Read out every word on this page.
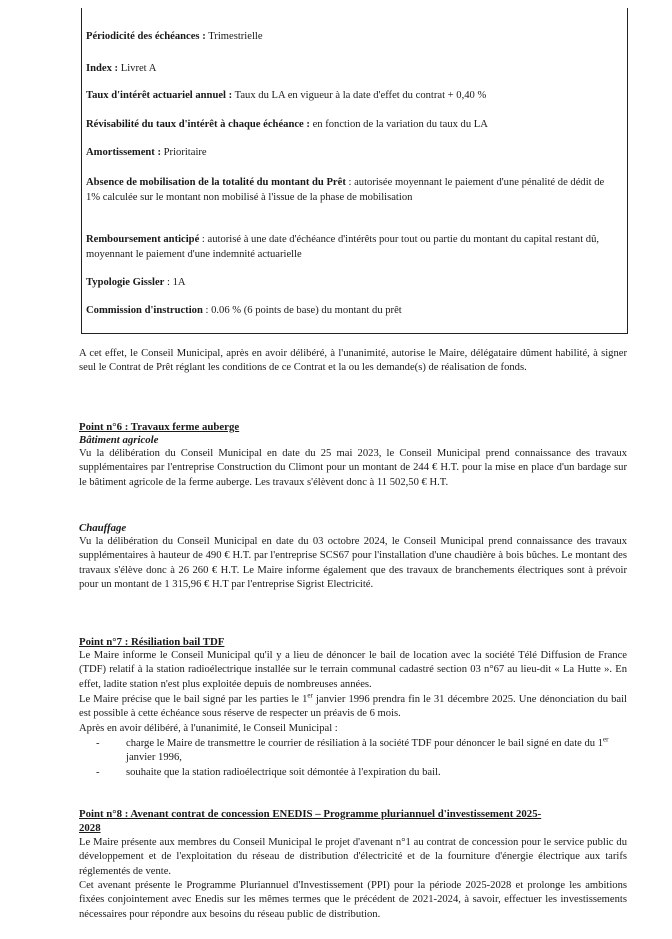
Périodicité des échéances : Trimestrielle
Index : Livret A
Taux d'intérêt actuariel annuel : Taux du LA en vigueur à la date d'effet du contrat + 0,40 %
Révisabilité du taux d'intérêt à chaque échéance : en fonction de la variation du taux du LA
Amortissement : Prioritaire
Absence de mobilisation de la totalité du montant du Prêt : autorisée moyennant le paiement d'une pénalité de dédit de 1% calculée sur le montant non mobilisé à l'issue de la phase de mobilisation
Remboursement anticipé : autorisé à une date d'échéance d'intérêts pour tout ou partie du montant du capital restant dû, moyennant le paiement d'une indemnité actuarielle
Typologie Gissler : 1A
Commission d'instruction : 0.06 % (6 points de base) du montant du prêt
A cet effet, le Conseil Municipal, après en avoir délibéré, à l'unanimité, autorise le Maire, délégataire dûment habilité, à signer seul le Contrat de Prêt réglant les conditions de ce Contrat et la ou les demande(s) de réalisation de fonds.
Point n°6 : Travaux ferme auberge
Bâtiment agricole
Vu la délibération du Conseil Municipal en date du 25 mai 2023, le Conseil Municipal prend connaissance des travaux supplémentaires par l'entreprise Construction du Climont pour un montant de 244 € H.T. pour la mise en place d'un bardage sur le bâtiment agricole de la ferme auberge. Les travaux s'élèvent donc à 11 502,50 € H.T.
Chauffage
Vu la délibération du Conseil Municipal en date du 03 octobre 2024, le Conseil Municipal prend connaissance des travaux supplémentaires à hauteur de 490 € H.T. par l'entreprise SCS67 pour l'installation d'une chaudière à bois bûches. Le montant des travaux s'élève donc à 26 260 € H.T. Le Maire informe également que des travaux de branchements électriques sont à prévoir pour un montant de 1 315,96 € H.T par l'entreprise Sigrist Electricité.
Point n°7 : Résiliation bail TDF
Le Maire informe le Conseil Municipal qu'il y a lieu de dénoncer le bail de location avec la société Télé Diffusion de France (TDF) relatif à la station radioélectrique installée sur le terrain communal cadastré section 03 n°67 au lieu-dit « La Hutte ». En effet, ladite station n'est plus exploitée depuis de nombreuses années.
Le Maire précise que le bail signé par les parties le 1er janvier 1996 prendra fin le 31 décembre 2025. Une dénonciation du bail est possible à cette échéance sous réserve de respecter un préavis de 6 mois.
Après en avoir délibéré, à l'unanimité, le Conseil Municipal :
- charge le Maire de transmettre le courrier de résiliation à la société TDF pour dénoncer le bail signé en date du 1er janvier 1996,
- souhaite que la station radioélectrique soit démontée à l'expiration du bail.
Point n°8 : Avenant contrat de concession ENEDIS – Programme pluriannuel d'investissement 2025-
2028
Le Maire présente aux membres du Conseil Municipal le projet d'avenant n°1 au contrat de concession pour le service public du développement et de l'exploitation du réseau de distribution d'électricité et de la fourniture d'énergie électrique aux tarifs réglementés de vente.
Cet avenant présente le Programme Pluriannuel d'Investissement (PPI) pour la période 2025-2028 et prolonge les ambitions fixées conjointement avec Enedis sur les mêmes termes que le précédent de 2021-2024, à savoir, effectuer les investissements nécessaires pour répondre aux besoins du réseau public de distribution.
